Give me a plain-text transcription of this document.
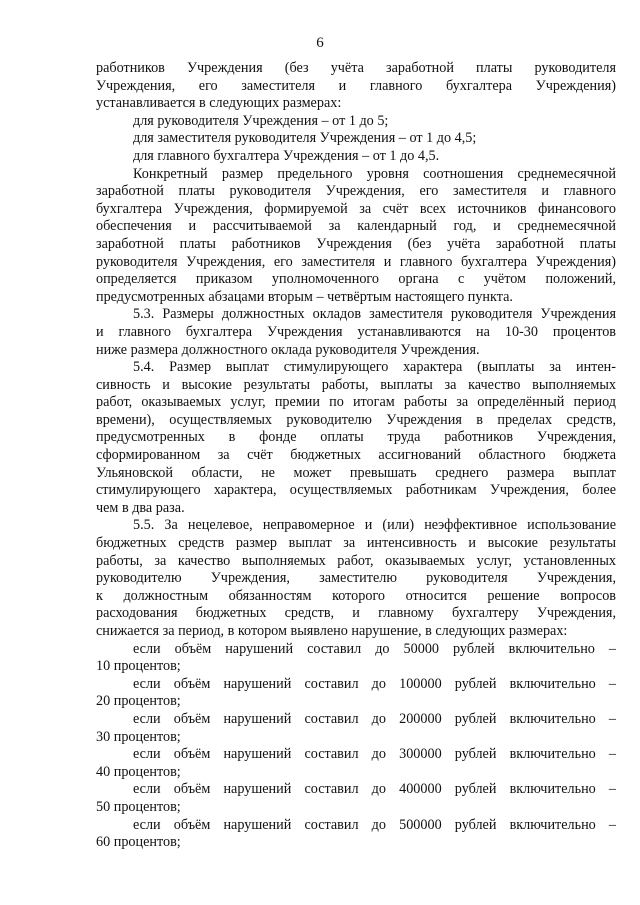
6
работников Учреждения (без учёта заработной платы руководителя
Учреждения, его заместителя и главного бухгалтера Учреждения)
устанавливается в следующих размерах:
для руководителя Учреждения – от 1 до 5;
для заместителя руководителя Учреждения – от 1 до 4,5;
для главного бухгалтера Учреждения – от 1 до 4,5.
Конкретный размер предельного уровня соотношения среднемесячной
заработной платы руководителя Учреждения, его заместителя и главного
бухгалтера Учреждения, формируемой за счёт всех источников финансового
обеспечения и рассчитываемой за календарный год, и среднемесячной
заработной платы работников Учреждения (без учёта заработной платы
руководителя Учреждения, его заместителя и главного бухгалтера Учреждения)
определяется приказом уполномоченного органа с учётом положений,
предусмотренных абзацами вторым – четвёртым настоящего пункта.
5.3. Размеры должностных окладов заместителя руководителя Учреждения
и главного бухгалтера Учреждения устанавливаются на 10-30 процентов
ниже размера должностного оклада руководителя Учреждения.
5.4. Размер выплат стимулирующего характера (выплаты за интен-
сивность и высокие результаты работы, выплаты за качество выполняемых
работ, оказываемых услуг, премии по итогам работы за определённый период
времени), осуществляемых руководителю Учреждения в пределах средств,
предусмотренных в фонде оплаты труда работников Учреждения,
сформированном за счёт бюджетных ассигнований областного бюджета
Ульяновской области, не может превышать среднего размера выплат
стимулирующего характера, осуществляемых работникам Учреждения, более
чем в два раза.
5.5. За нецелевое, неправомерное и (или) неэффективное использование
бюджетных средств размер выплат за интенсивность и высокие результаты
работы, за качество выполняемых работ, оказываемых услуг, установленных
руководителю Учреждения, заместителю руководителя Учреждения,
к должностным обязанностям которого относится решение вопросов
расходования бюджетных средств, и главному бухгалтеру Учреждения,
снижается за период, в котором выявлено нарушение, в следующих размерах:
если объём нарушений составил до 50000 рублей включительно –
10 процентов;
если объём нарушений составил до 100000 рублей включительно –
20 процентов;
если объём нарушений составил до 200000 рублей включительно –
30 процентов;
если объём нарушений составил до 300000 рублей включительно –
40 процентов;
если объём нарушений составил до 400000 рублей включительно –
50 процентов;
если объём нарушений составил до 500000 рублей включительно –
60 процентов;
